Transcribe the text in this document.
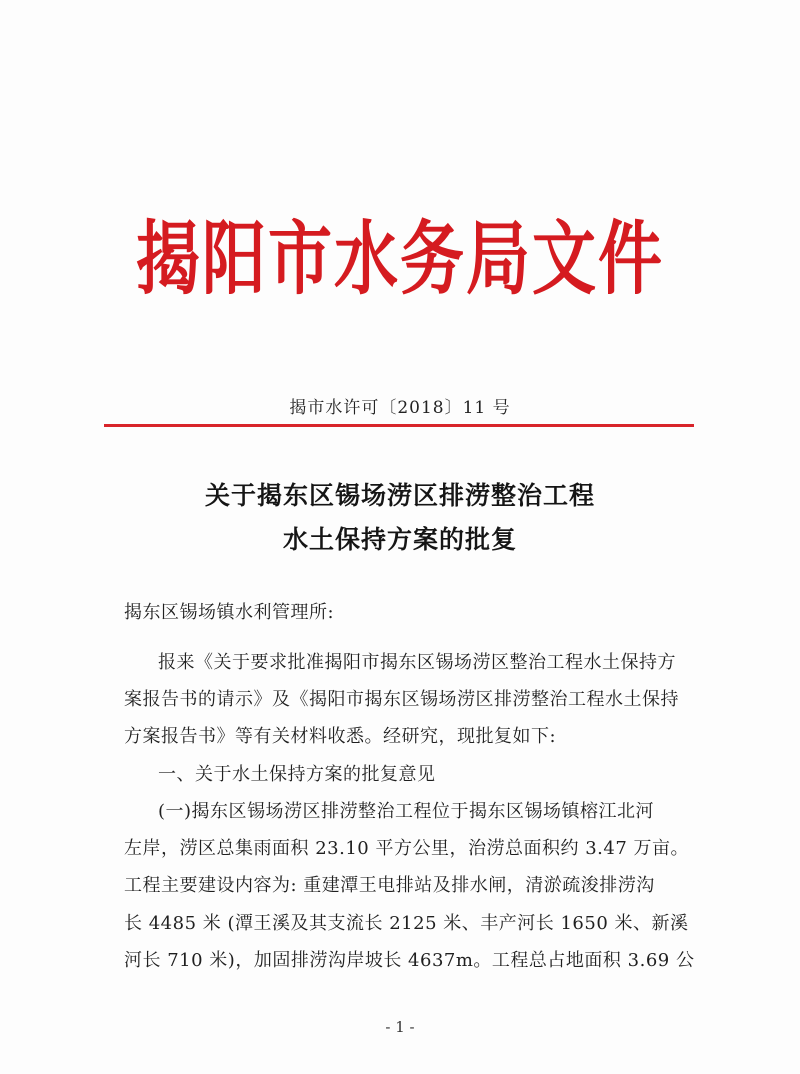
揭阳市水务局文件
揭市水许可〔2018〕11 号
关于揭东区锡场涝区排涝整治工程
水土保持方案的批复
揭东区锡场镇水利管理所:
报来《关于要求批准揭阳市揭东区锡场涝区整治工程水土保持方
案报告书的请示》及《揭阳市揭东区锡场涝区排涝整治工程水土保持
方案报告书》等有关材料收悉。经研究，现批复如下:
一、关于水土保持方案的批复意见
(一)揭东区锡场涝区排涝整治工程位于揭东区锡场镇榕江北河
左岸，涝区总集雨面积 23.10 平方公里，治涝总面积约 3.47 万亩。
工程主要建设内容为: 重建潭王电排站及排水闸，清淤疏浚排涝沟
长 4485 米 (潭王溪及其支流长 2125 米、丰产河长 1650 米、新溪
河长 710 米)，加固排涝沟岸坡长 4637m。工程总占地面积 3.69 公
- 1 -
